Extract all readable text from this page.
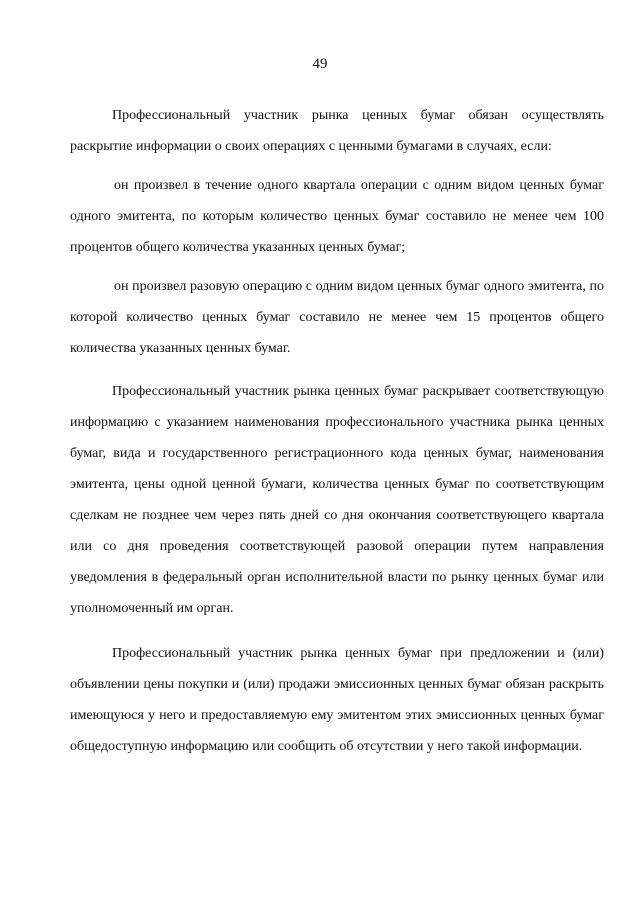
49

Профессиональный участник рынка ценных бумаг обязан осуществлять раскрытие информации о своих операциях с ценными бумагами в случаях, если:

он произвел в течение одного квартала операции с одним видом ценных бумаг одного эмитента, по которым количество ценных бумаг составило не менее чем 100 процентов общего количества указанных ценных бумаг;

он произвел разовую операцию с одним видом ценных бумаг одного эмитента, по которой количество ценных бумаг составило не менее чем 15 процентов общего количества указанных ценных бумаг.

Профессиональный участник рынка ценных бумаг раскрывает соответствующую информацию с указанием наименования профессионального участника рынка ценных бумаг, вида и государственного регистрационного кода ценных бумаг, наименования эмитента, цены одной ценной бумаги, количества ценных бумаг по соответствующим сделкам не позднее чем через пять дней со дня окончания соответствующего квартала или со дня проведения соответствующей разовой операции путем направления уведомления в федеральный орган исполнительной власти по рынку ценных бумаг или уполномоченный им орган.

Профессиональный участник рынка ценных бумаг при предложении и (или) объявлении цены покупки и (или) продажи эмиссионных ценных бумаг обязан раскрыть имеющуюся у него и предоставляемую ему эмитентом этих эмиссионных ценных бумаг общедоступную информацию или сообщить об отсутствии у него такой информации.
